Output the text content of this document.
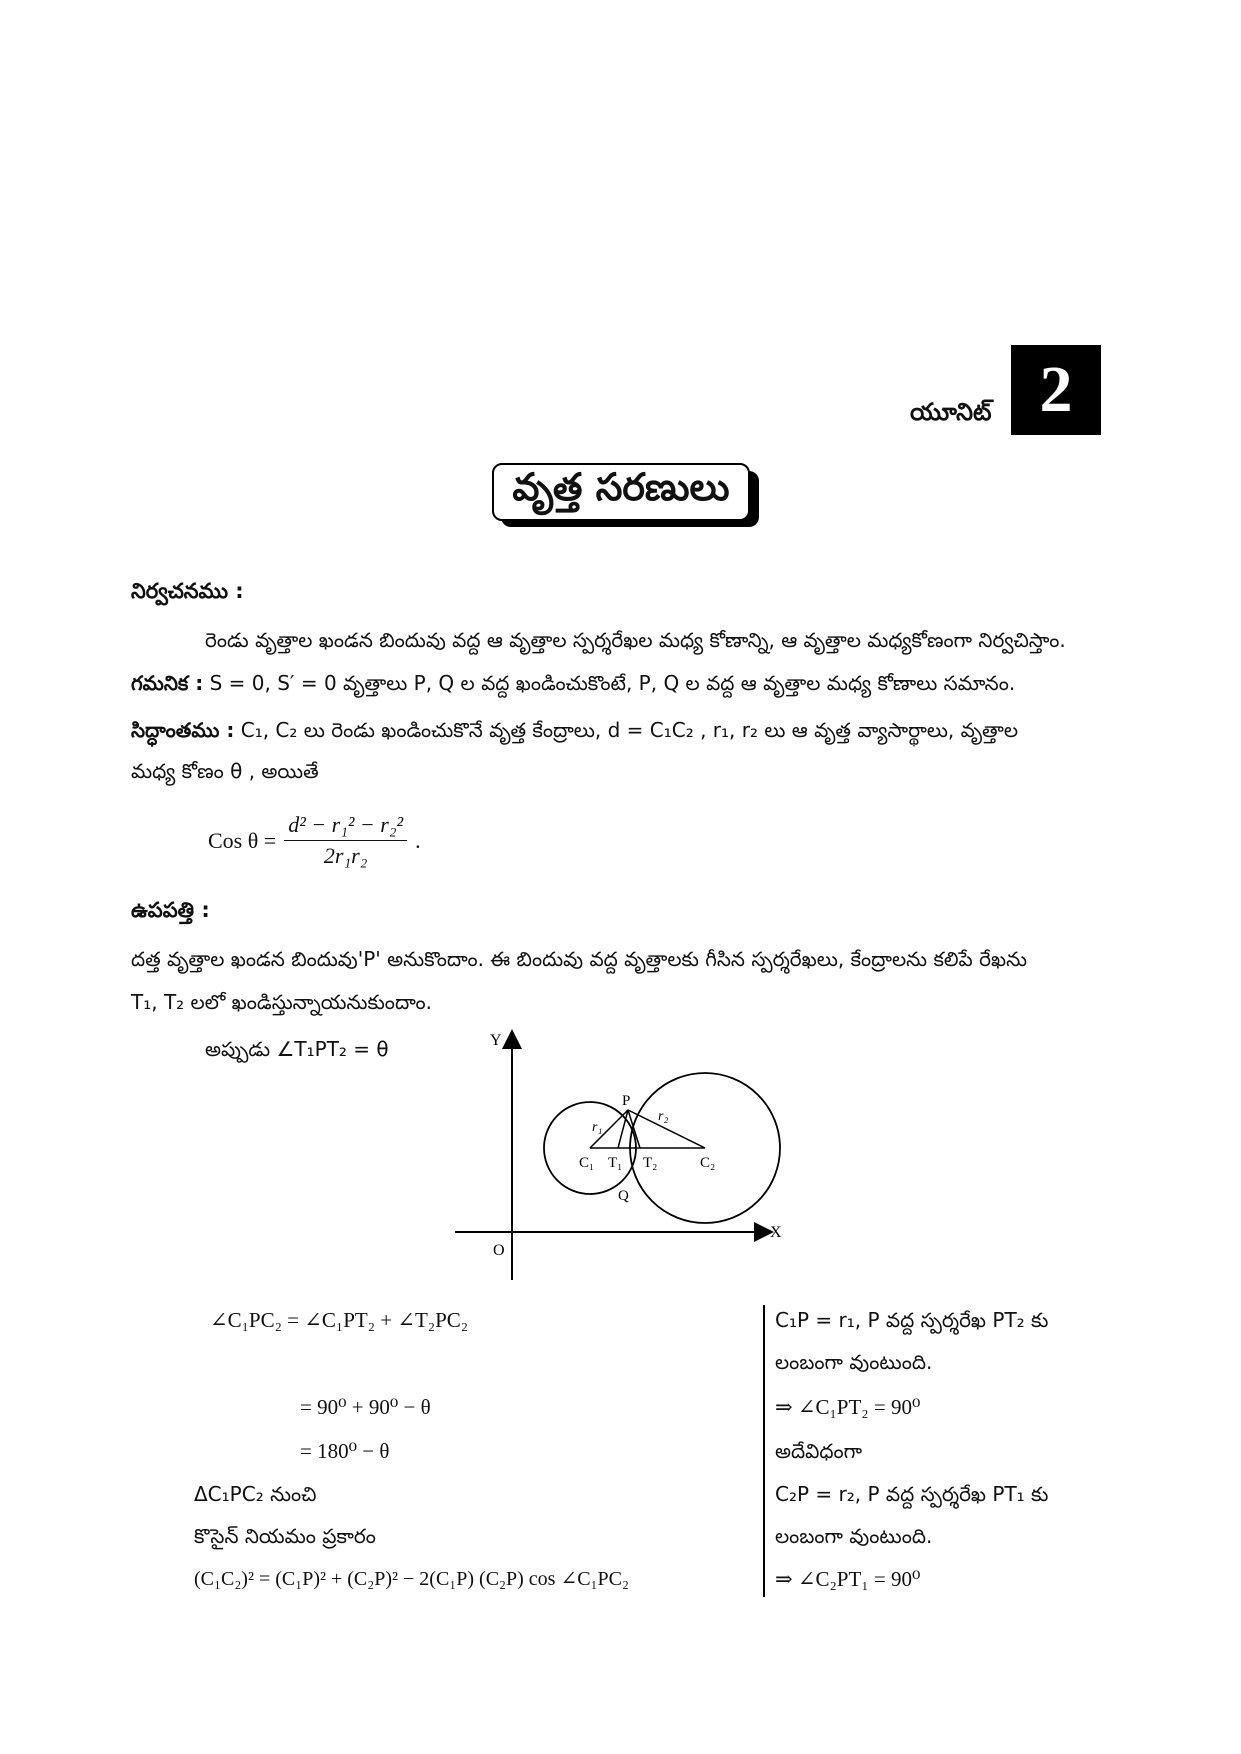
యూనిట్ 2
వృత్త సరణులు
నిర్వచనము :
రెండు వృత్తాల ఖండన బిందువు వద్ద ఆ వృత్తాల స్పర్శరేఖల మధ్య కోణాన్ని, ఆ వృత్తాల మధ్యకోణంగా నిర్వచిస్తాం.
గమనిక : S = 0, S′ = 0 వృత్తాలు P, Q ల వద్ద ఖండించుకొంటే, P, Q ల వద్ద ఆ వృత్తాల మధ్య కోణాలు సమానం.
సిద్ధాంతము : C₁, C₂ లు రెండు ఖండించుకొనే వృత్త కేంద్రాలు, d = C₁C₂ , r₁, r₂ లు ఆ వృత్త వ్యాసార్థాలు, వృత్తాల
మధ్య కోణం θ , అయితే
Cos $\theta = \frac{\text{d² − r₁² − r₂²}}{\text{2r₁r₂}}$ .
ఉపపత్తి :
దత్త వృత్తాల ఖండన బిందువు'P' అనుకొందాం. ఈ బిందువు వద్ద వృత్తాలకు గీసిన స్పర్శరేఖలు, కేంద్రాలను కలిపే రేఖను
T₁, T₂ లలో ఖండిస్తున్నాయనుకుందాం.
అప్పుడు ∠T₁PT₂ = θ	Y
X
O
P
Q
C₁	C₂
T₁ T₂
r₁
r₂
∠C₁PC₂ = ∠C₁PT₂ + ∠T₂PC₂
= 90⁰ + 90⁰ − θ
= 180⁰ − θ
ΔC₁PC₂ నుంచి
కొసైన్ నియమం ప్రకారం
(C₁C₂)² = (C₁P)² + (C₂P)² − 2(C₁P) (C₂P) cos ∠C₁PC₂
C₁P = r₁, P వద్ద స్పర్శరేఖ PT₂ కు
లంబంగా వుంటుంది.
⇒ ∠C₁PT₂ = 90⁰
అదేవిధంగా
C₂P = r₂, P వద్ద స్పర్శరేఖ PT₁ కు
లంబంగా వుంటుంది.
⇒ ∠C₂PT₁ = 90⁰
